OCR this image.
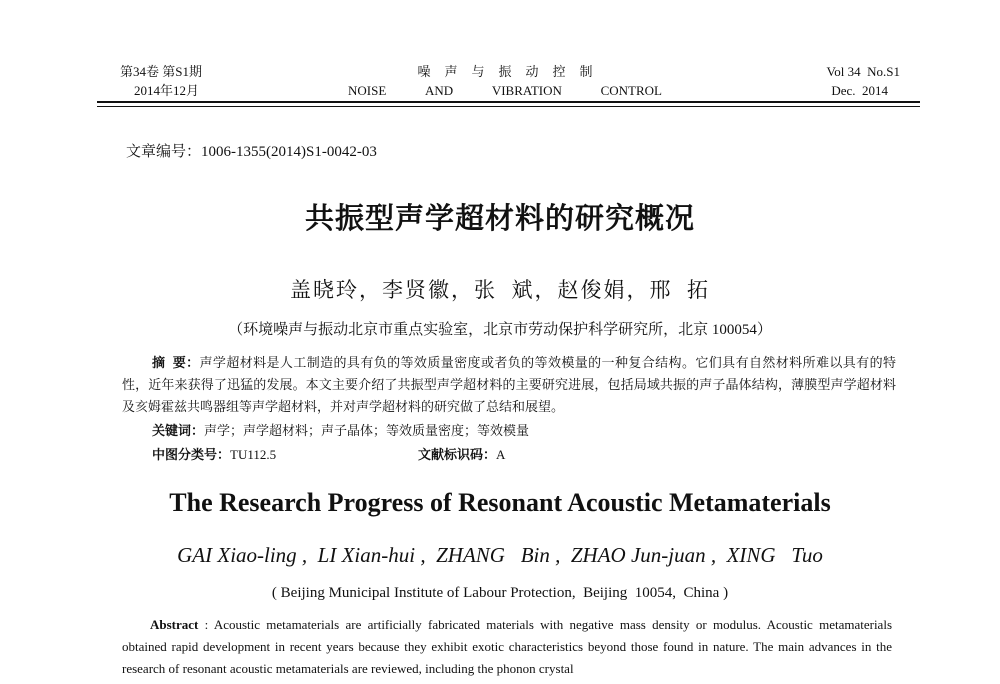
第34卷 第S1期
2014年12月
噪声与振动控制
NOISE	AND	VIBRATION	CONTROL
Vol 34  No.S1
Dec.  2014
文章编号：1006-1355(2014)S1-0042-03
共振型声学超材料的研究概况
盖晓玲，李贤徽，张  斌，赵俊娟，邢  拓
（环境噪声与振动北京市重点实验室，北京市劳动保护科学研究所，北京 100054）
摘  要：声学超材料是人工制造的具有负的等效质量密度或者负的等效模量的一种复合结构。它们具有自然材料所难以具有的特性，近年来获得了迅猛的发展。本文主要介绍了共振型声学超材料的主要研究进展，包括局域共振的声子晶体结构，薄膜型声学超材料及亥姆霍兹共鸣器组等声学超材料，并对声学超材料的研究做了总结和展望。
关键词：声学；声学超材料；声子晶体；等效质量密度；等效模量
中图分类号：TU112.5	文献标识码：A
The Research Progress of Resonant Acoustic Metamaterials
GAI Xiao-ling ,  LI Xian-hui ,  ZHANG   Bin ,  ZHAO Jun-juan ,  XING   Tuo
( Beijing Municipal Institute of Labour Protection,  Beijing  10054,  China )
Abstract : Acoustic metamaterials are artificially fabricated materials with negative mass density or modulus. Acoustic metamaterials obtained rapid development in recent years because they exhibit exotic characteristics beyond those found in nature. The main advances in the research of resonant acoustic metamaterials are reviewed, including the phonon crystal
